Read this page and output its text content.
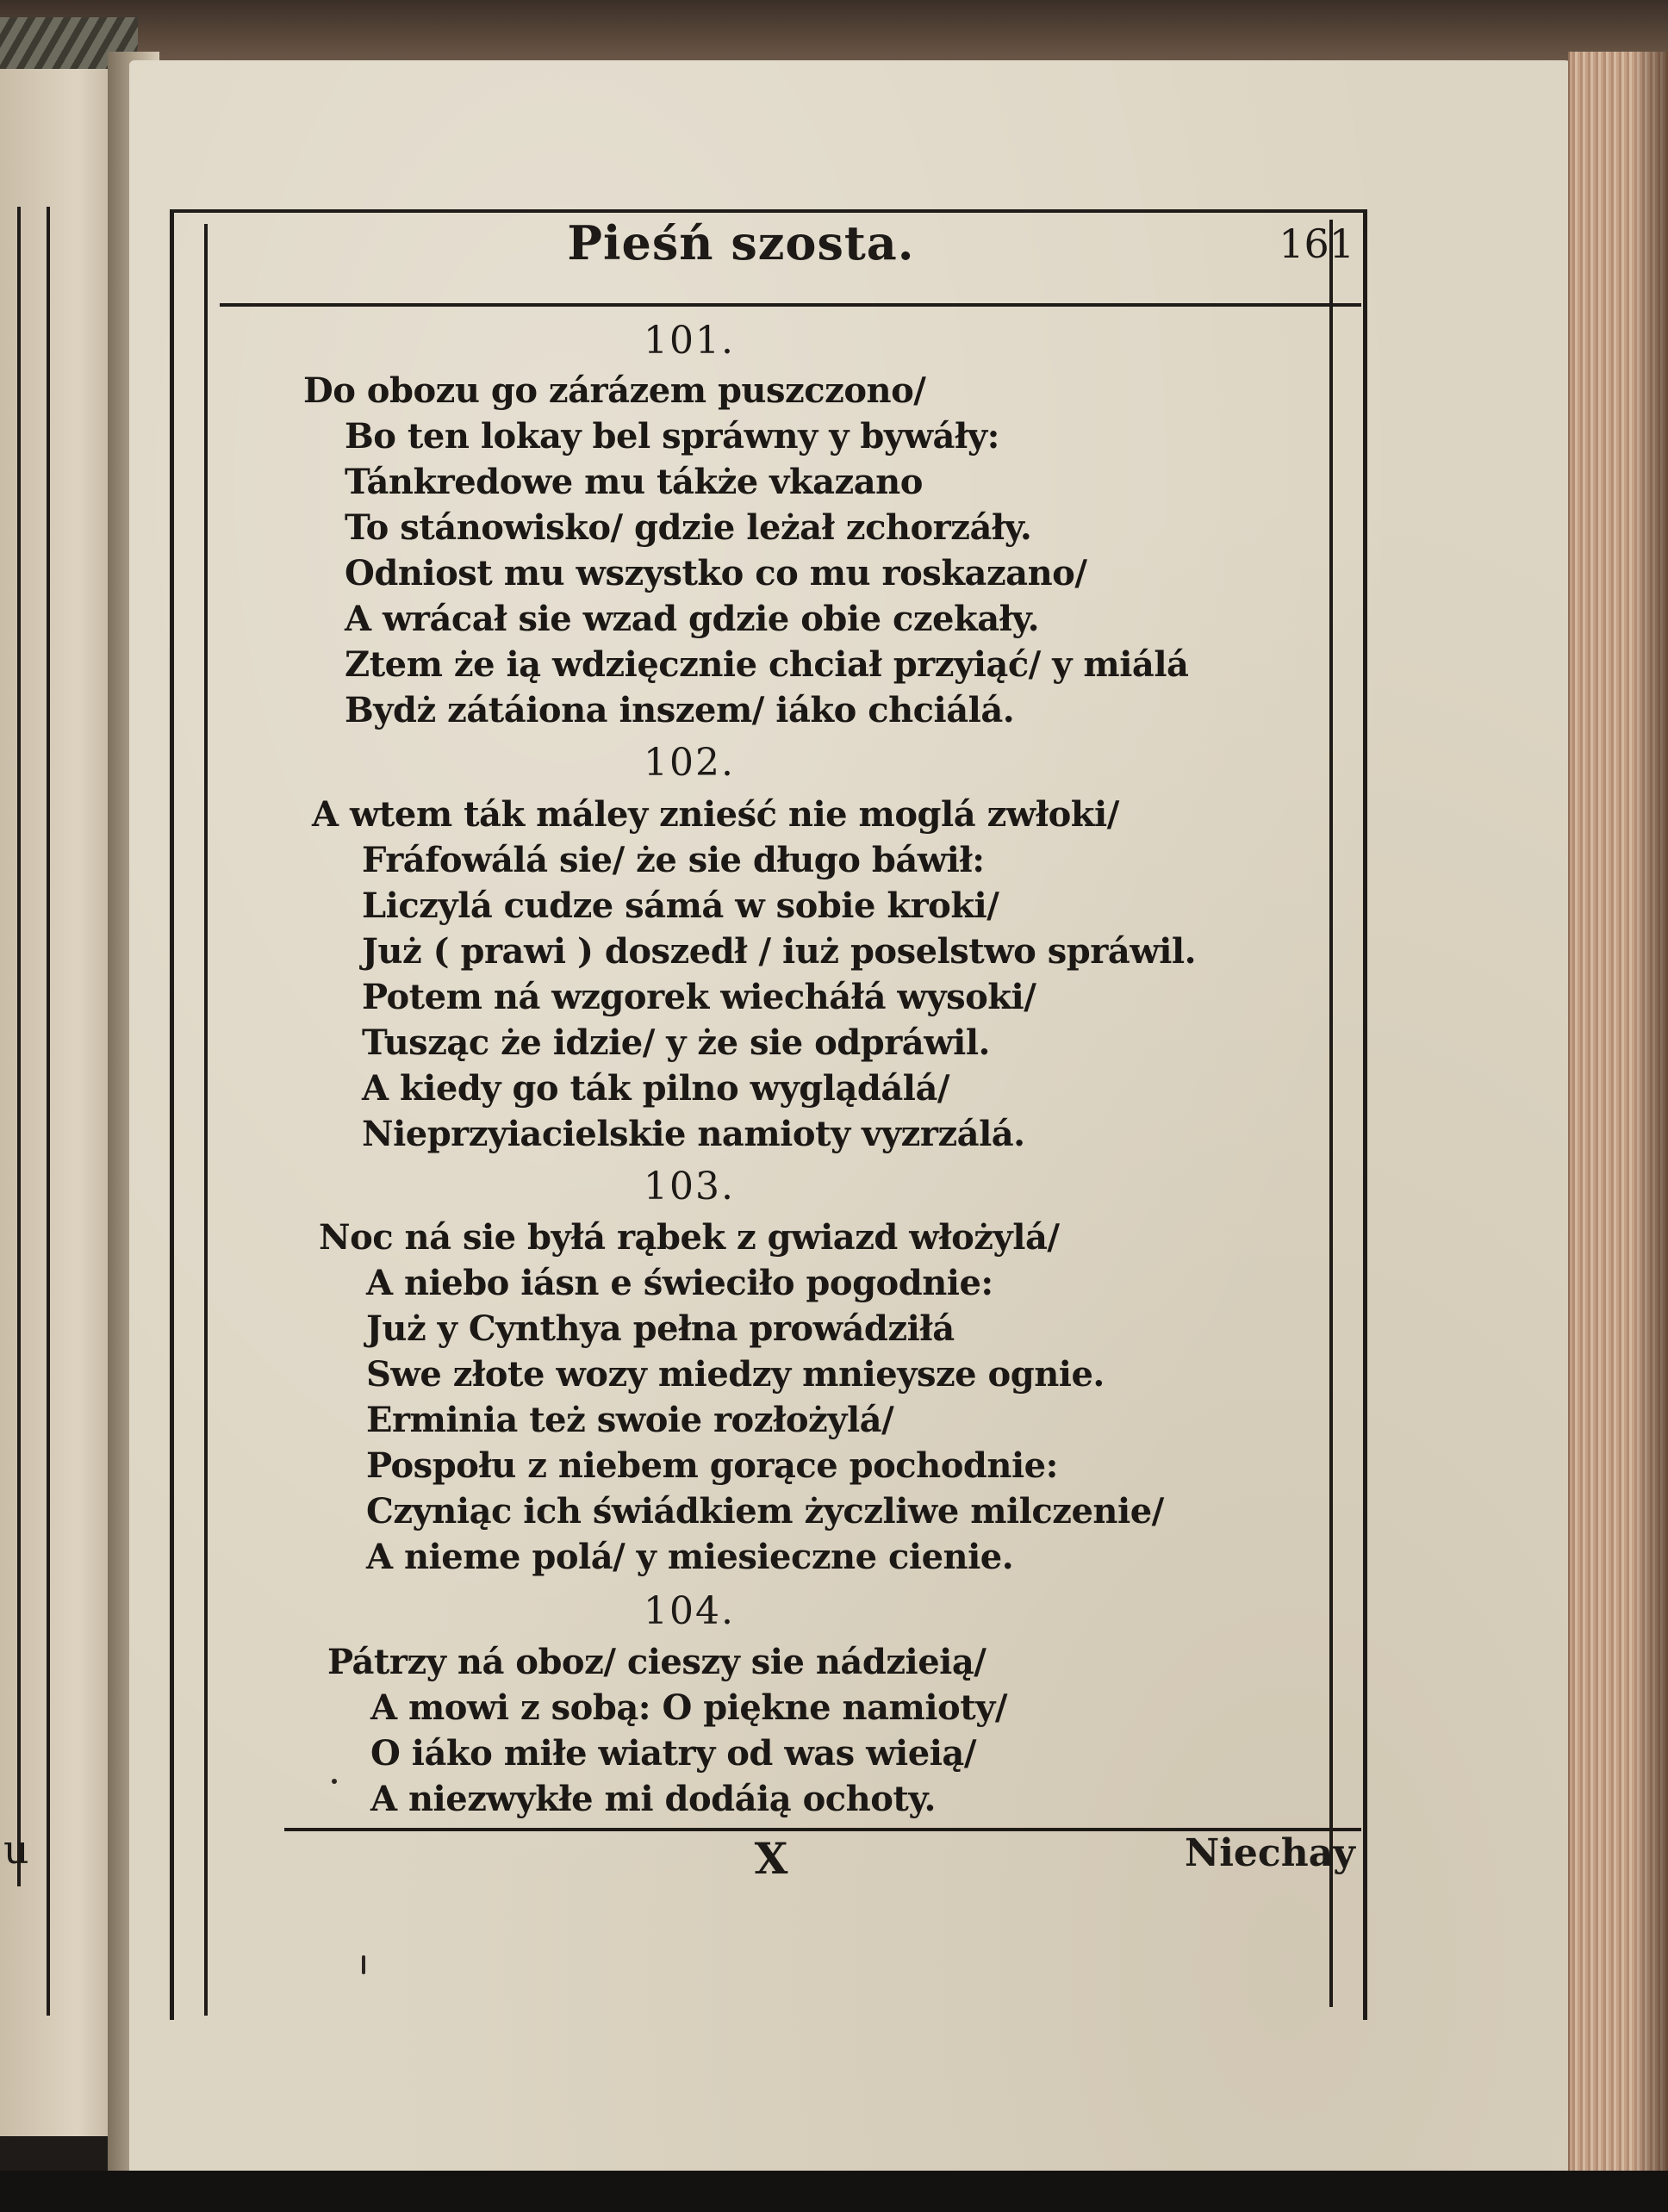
u
Pieśń szosta.	161
101.
Do obozu go zárázem puszczono/
Bo ten lokay bel spráwny y bywáły:
Tánkredowe mu tákże vkazano
To stánowisko/ gdzie leżał zchorzáły.
Odniost mu wszystko co mu roskazano/
A wrácał sie wzad gdzie obie czekały.
Ztem że ią wdzięcznie chciał przyiąć/ y miálá
Bydż zátáiona inszem/ iáko chciálá.
102.
A wtem ták máley znieść nie moglá zwłoki/
Fráfowálá sie/ że sie długo báwił:
Liczylá cudze sámá w sobie kroki/
Już ( prawi ) doszedł / iuż poselstwo spráwil.
Potem ná wzgorek wiecháłá wysoki/
Tusząc że idzie/ y że sie odpráwil.
A kiedy go ták pilno wyglądálá/
Nieprzyiacielskie namioty vyzrzálá.
103.
Noc ná sie byłá rąbek z gwiazd włożylá/
A niebo iásn e świeciło pogodnie:
Już y Cynthya pełna prowádziłá
Swe złote wozy miedzy mnieysze ognie.
Erminia też swoie rozłożylá/
Pospołu z niebem gorące pochodnie:
Czyniąc ich świádkiem życzliwe milczenie/
A nieme polá/ y miesieczne cienie.
104.
Pátrzy ná oboz/ cieszy sie nádzieią/
A mowi z sobą: O piękne namioty/
O iáko miłe wiatry od was wieią/
A niezwykłe mi dodáią ochoty.
X	Niechay
